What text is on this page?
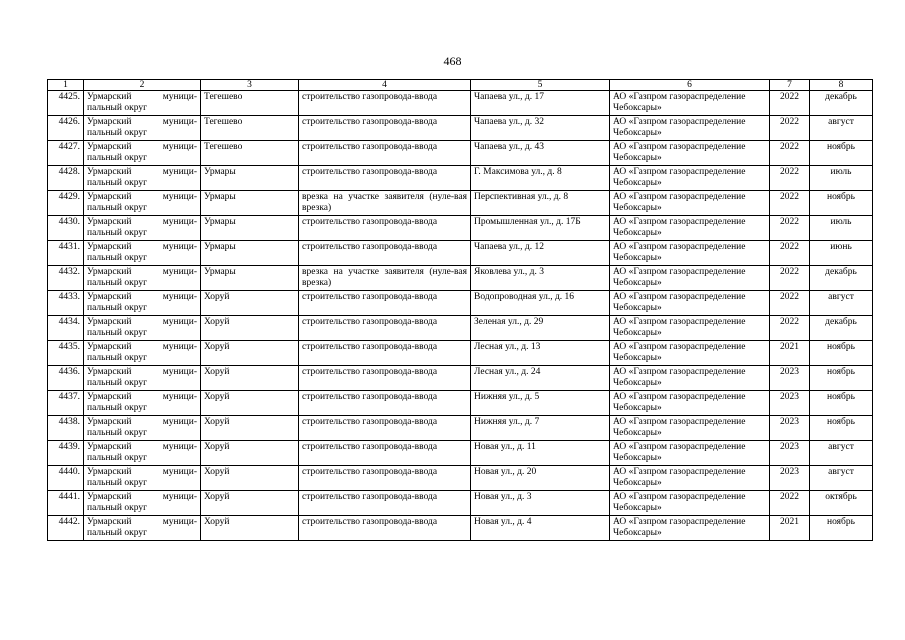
468
1	2	3	4	5	6	7	8
4425.	Урмарский муници-пальный округ	Тегешево	строительство газопровода-ввода	Чапаева ул., д. 17	АО «Газпром газораспределение Чебоксары»	2022	декабрь
4426.	Урмарский муници-пальный округ	Тегешево	строительство газопровода-ввода	Чапаева ул., д. 32	АО «Газпром газораспределение Чебоксары»	2022	август
4427.	Урмарский муници-пальный округ	Тегешево	строительство газопровода-ввода	Чапаева ул., д. 43	АО «Газпром газораспределение Чебоксары»	2022	ноябрь
4428.	Урмарский муници-пальный округ	Урмары	строительство газопровода-ввода	Г. Максимова ул., д. 8	АО «Газпром газораспределение Чебоксары»	2022	июль
4429.	Урмарский муници-пальный округ	Урмары	врезка на участке заявителя (нуле-вая врезка)	Перспективная ул., д. 8	АО «Газпром газораспределение Чебоксары»	2022	ноябрь
4430.	Урмарский муници-пальный округ	Урмары	строительство газопровода-ввода	Промышленная ул., д. 17Б	АО «Газпром газораспределение Чебоксары»	2022	июль
4431.	Урмарский муници-пальный округ	Урмары	строительство газопровода-ввода	Чапаева ул., д. 12	АО «Газпром газораспределение Чебоксары»	2022	июнь
4432.	Урмарский муници-пальный округ	Урмары	врезка на участке заявителя (нуле-вая врезка)	Яковлева ул., д. 3	АО «Газпром газораспределение Чебоксары»	2022	декабрь
4433.	Урмарский муници-пальный округ	Хоруй	строительство газопровода-ввода	Водопроводная ул., д. 16	АО «Газпром газораспределение Чебоксары»	2022	август
4434.	Урмарский муници-пальный округ	Хоруй	строительство газопровода-ввода	Зеленая ул., д. 29	АО «Газпром газораспределение Чебоксары»	2022	декабрь
4435.	Урмарский муници-пальный округ	Хоруй	строительство газопровода-ввода	Лесная ул., д. 13	АО «Газпром газораспределение Чебоксары»	2021	ноябрь
4436.	Урмарский муници-пальный округ	Хоруй	строительство газопровода-ввода	Лесная ул., д. 24	АО «Газпром газораспределение Чебоксары»	2023	ноябрь
4437.	Урмарский муници-пальный округ	Хоруй	строительство газопровода-ввода	Нижняя ул., д. 5	АО «Газпром газораспределение Чебоксары»	2023	ноябрь
4438.	Урмарский муници-пальный округ	Хоруй	строительство газопровода-ввода	Нижняя ул., д. 7	АО «Газпром газораспределение Чебоксары»	2023	ноябрь
4439.	Урмарский муници-пальный округ	Хоруй	строительство газопровода-ввода	Новая ул., д. 11	АО «Газпром газораспределение Чебоксары»	2023	август
4440.	Урмарский муници-пальный округ	Хоруй	строительство газопровода-ввода	Новая ул., д. 20	АО «Газпром газораспределение Чебоксары»	2023	август
4441.	Урмарский муници-пальный округ	Хоруй	строительство газопровода-ввода	Новая ул., д. 3	АО «Газпром газораспределение Чебоксары»	2022	октябрь
4442.	Урмарский муници-пальный округ	Хоруй	строительство газопровода-ввода	Новая ул., д. 4	АО «Газпром газораспределение Чебоксары»	2021	ноябрь
